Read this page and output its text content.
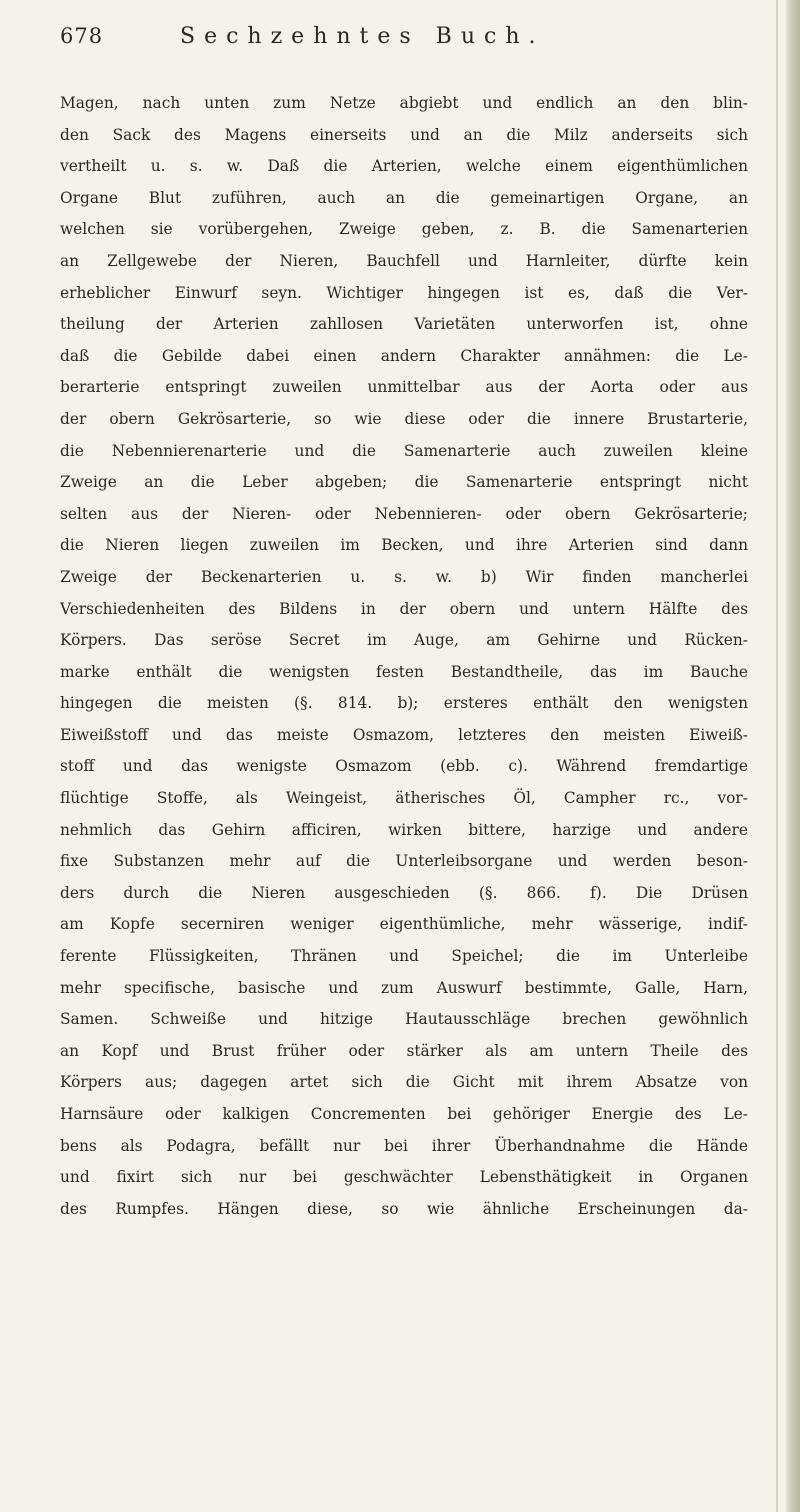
678	Sechzehntes Buch.
Magen, nach unten zum Netze abgiebt und endlich an den blin-
den Sack des Magens einerseits und an die Milz anderseits sich
vertheilt u. s. w. Daß die Arterien, welche einem eigenthümlichen
Organe Blut zuführen, auch an die gemeinartigen Organe, an
welchen sie vorübergehen, Zweige geben, z. B. die Samenarterien
an Zellgewebe der Nieren, Bauchfell und Harnleiter, dürfte kein
erheblicher Einwurf seyn. Wichtiger hingegen ist es, daß die Ver-
theilung der Arterien zahllosen Varietäten unterworfen ist, ohne
daß die Gebilde dabei einen andern Charakter annähmen: die Le-
berarterie entspringt zuweilen unmittelbar aus der Aorta oder aus
der obern Gekrösarterie, so wie diese oder die innere Brustarterie,
die Nebennierenarterie und die Samenarterie auch zuweilen kleine
Zweige an die Leber abgeben; die Samenarterie entspringt nicht
selten aus der Nieren- oder Nebennieren- oder obern Gekrösarterie;
die Nieren liegen zuweilen im Becken, und ihre Arterien sind dann
Zweige der Beckenarterien u. s. w. b) Wir finden mancherlei
Verschiedenheiten des Bildens in der obern und untern Hälfte des
Körpers. Das seröse Secret im Auge, am Gehirne und Rücken-
marke enthält die wenigsten festen Bestandtheile, das im Bauche
hingegen die meisten (§. 814. b); ersteres enthält den wenigsten
Eiweißstoff und das meiste Osmazom, letzteres den meisten Eiweiß-
stoff und das wenigste Osmazom (ebb. c). Während fremdartige
flüchtige Stoffe, als Weingeist, ätherisches Öl, Campher rc., vor-
nehmlich das Gehirn afficiren, wirken bittere, harzige und andere
fixe Substanzen mehr auf die Unterleibsorgane und werden beson-
ders durch die Nieren ausgeschieden (§. 866. f). Die Drüsen
am Kopfe secerniren weniger eigenthümliche, mehr wässerige, indif-
ferente Flüssigkeiten, Thränen und Speichel; die im Unterleibe
mehr specifische, basische und zum Auswurf bestimmte, Galle, Harn,
Samen. Schweiße und hitzige Hautausschläge brechen gewöhnlich
an Kopf und Brust früher oder stärker als am untern Theile des
Körpers aus; dagegen artet sich die Gicht mit ihrem Absatze von
Harnsäure oder kalkigen Concrementen bei gehöriger Energie des Le-
bens als Podagra, befällt nur bei ihrer Überhandnahme die Hände
und fixirt sich nur bei geschwächter Lebensthätigkeit in Organen
des Rumpfes. Hängen diese, so wie ähnliche Erscheinungen da-
